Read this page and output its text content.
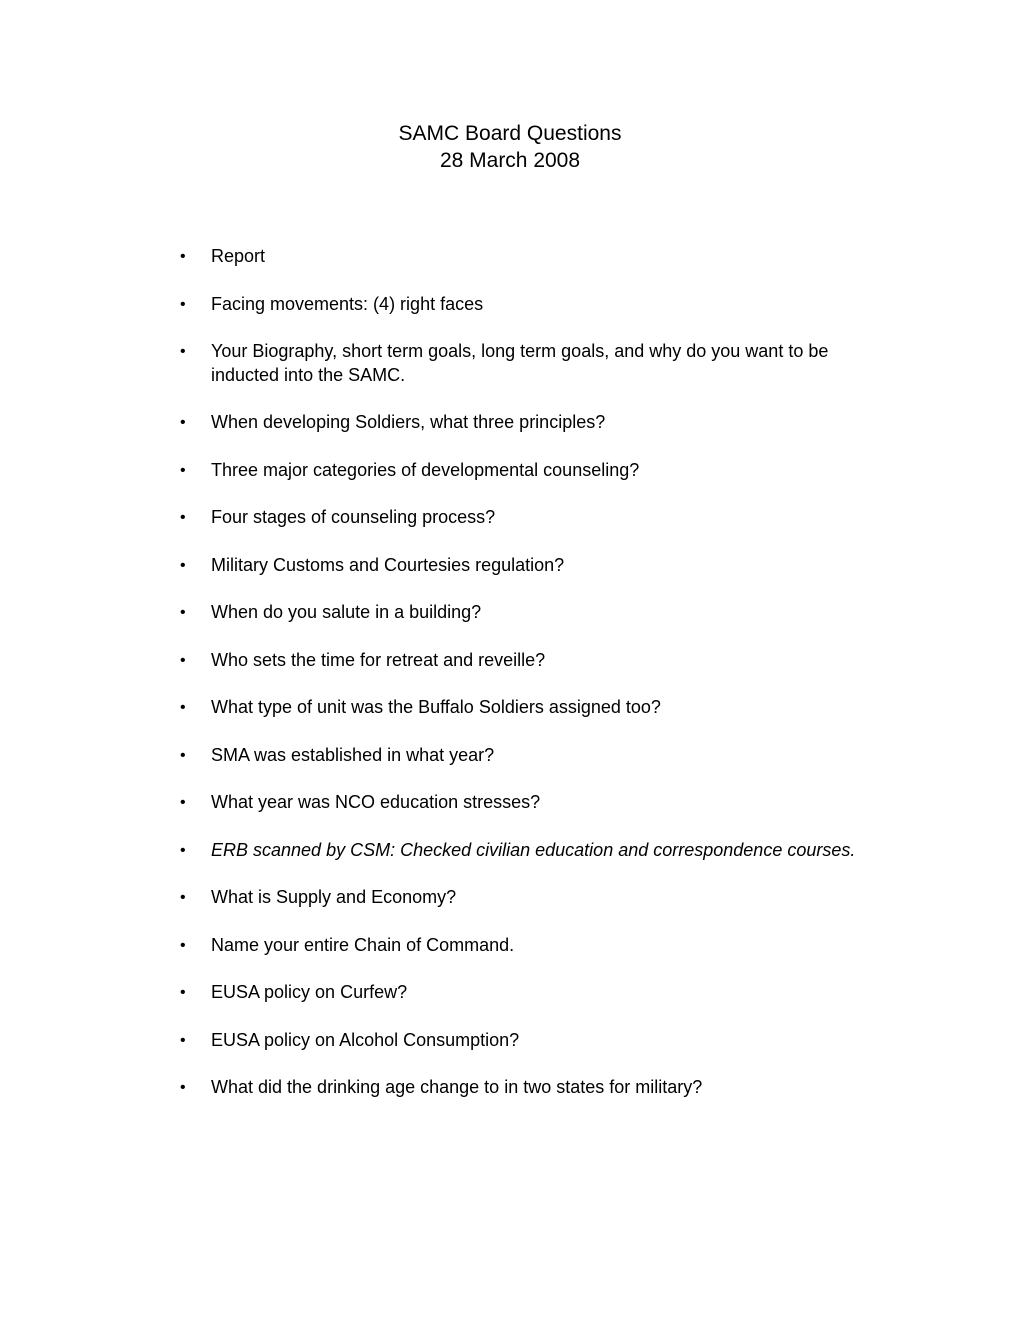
SAMC Board Questions
28 March 2008
• Report
• Facing movements: (4) right faces
• Your Biography, short term goals, long term goals, and why do you want to be inducted into the SAMC.
• When developing Soldiers, what three principles?
• Three major categories of developmental counseling?
• Four stages of counseling process?
• Military Customs and Courtesies regulation?
• When do you salute in a building?
• Who sets the time for retreat and reveille?
• What type of unit was the Buffalo Soldiers assigned too?
• SMA was established in what year?
• What year was NCO education stresses?
• ERB scanned by CSM: Checked civilian education and correspondence courses.
• What is Supply and Economy?
• Name your entire Chain of Command.
• EUSA policy on Curfew?
• EUSA policy on Alcohol Consumption?
• What did the drinking age change to in two states for military?
